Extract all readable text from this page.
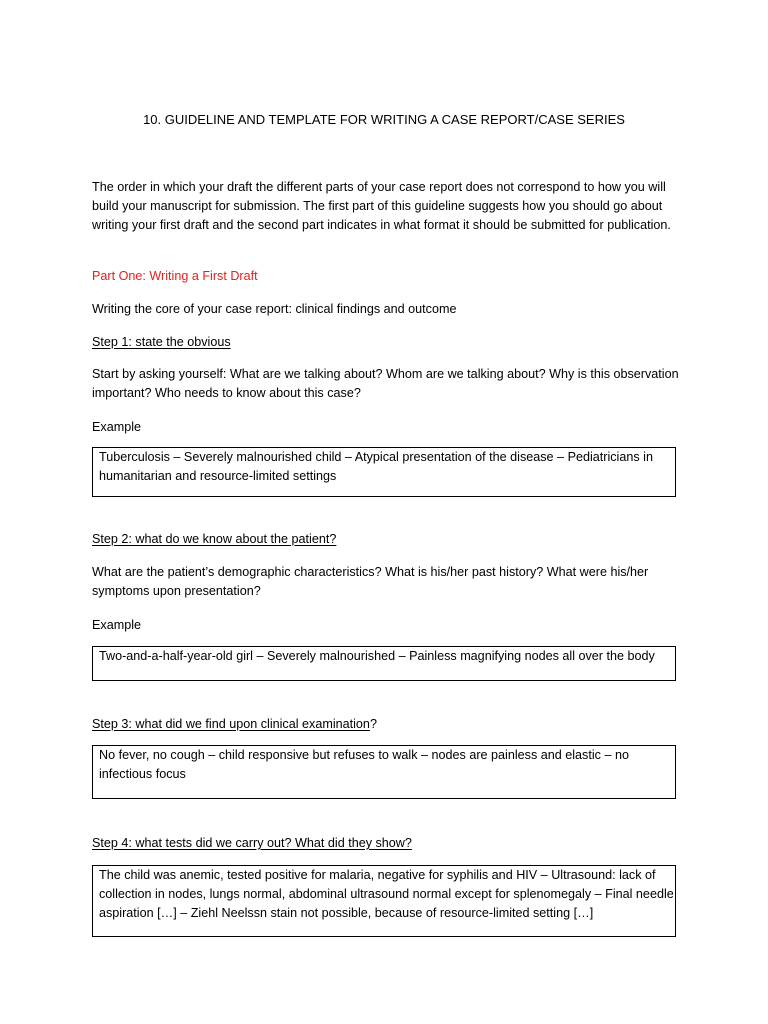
10. GUIDELINE AND TEMPLATE FOR WRITING A CASE REPORT/CASE SERIES

The order in which your draft the different parts of your case report does not correspond to how you will build your manuscript for submission. The first part of this guideline suggests how you should go about writing your first draft and the second part indicates in what format it should be submitted for publication.

Part One: Writing a First Draft

Writing the core of your case report: clinical findings and outcome

Step 1: state the obvious

Start by asking yourself: What are we talking about? Whom are we talking about? Why is this observation important? Who needs to know about this case?

Example

Tuberculosis – Severely malnourished child – Atypical presentation of the disease – Pediatricians in humanitarian and resource-limited settings

Step 2: what do we know about the patient?

What are the patient’s demographic characteristics? What is his/her past history? What were his/her symptoms upon presentation?

Example

Two-and-a-half-year-old girl – Severely malnourished – Painless magnifying nodes all over the body

Step 3: what did we find upon clinical examination?

No fever, no cough – child responsive but refuses to walk – nodes are painless and elastic – no infectious focus

Step 4: what tests did we carry out? What did they show?

The child was anemic, tested positive for malaria, negative for syphilis and HIV – Ultrasound: lack of collection in nodes, lungs normal, abdominal ultrasound normal except for splenomegaly – Final needle aspiration […] – Ziehl Neelssn stain not possible, because of resource-limited setting […]
